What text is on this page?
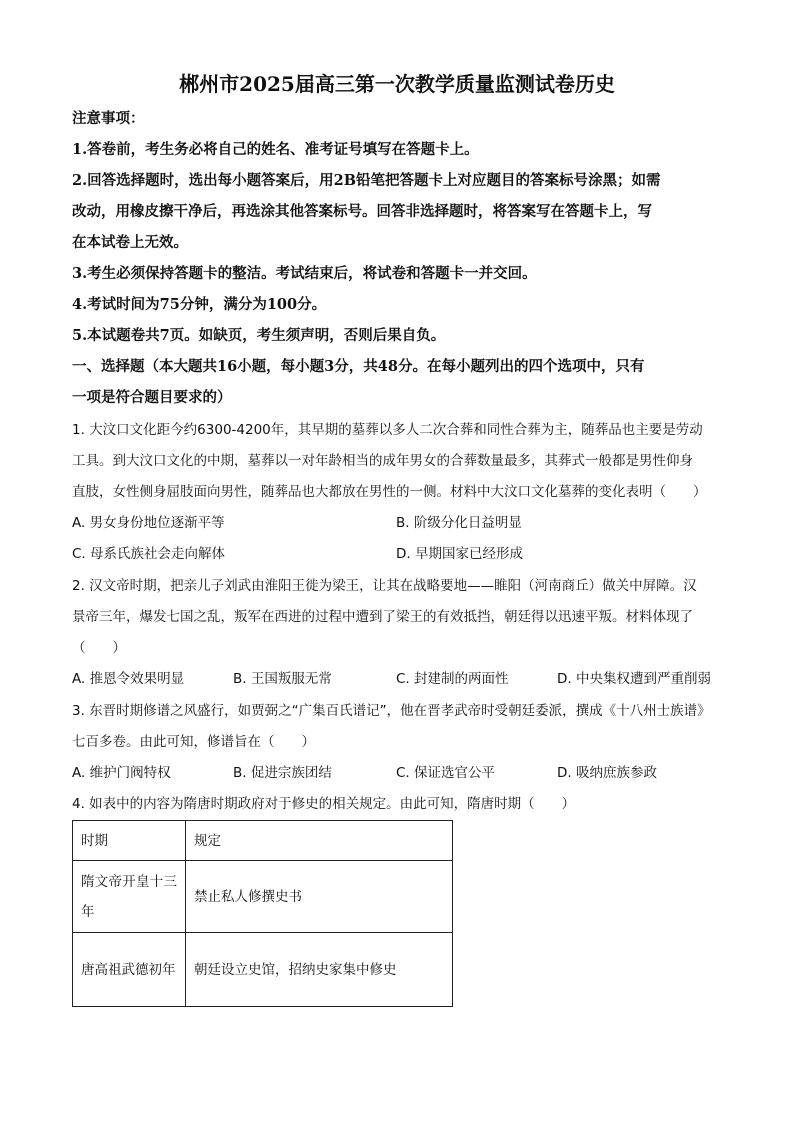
郴州市2025届高三第一次教学质量监测试卷历史
注意事项：
1.答卷前，考生务必将自己的姓名、准考证号填写在答题卡上。
2.回答选择题时，选出每小题答案后，用2B铅笔把答题卡上对应题目的答案标号涂黑；如需
改动，用橡皮擦干净后，再选涂其他答案标号。回答非选择题时，将答案写在答题卡上，写
在本试卷上无效。
3.考生必须保持答题卡的整洁。考试结束后，将试卷和答题卡一并交回。
4.考试时间为75分钟，满分为100分。
5.本试题卷共7页。如缺页，考生须声明，否则后果自负。
一、选择题（本大题共16小题，每小题3分，共48分。在每小题列出的四个选项中，只有
一项是符合题目要求的）
1. 大汶口文化距今约6300-4200年，其早期的墓葬以多人二次合葬和同性合葬为主，随葬品也主要是劳动
工具。到大汶口文化的中期，墓葬以一对年龄相当的成年男女的合葬数量最多，其葬式一般都是男性仰身
直肢，女性侧身屈肢面向男性，随葬品也大都放在男性的一侧。材料中大汶口文化墓葬的变化表明（　　）
A. 男女身份地位逐渐平等	B. 阶级分化日益明显
C. 母系氏族社会走向解体	D. 早期国家已经形成
2. 汉文帝时期，把亲儿子刘武由淮阳王徙为梁王，让其在战略要地——睢阳（河南商丘）做关中屏障。汉
景帝三年，爆发七国之乱，叛军在西进的过程中遭到了梁王的有效抵挡，朝廷得以迅速平叛。材料体现了
（　　）
A. 推恩令效果明显	B. 王国叛服无常	C. 封建制的两面性	D. 中央集权遭到严重削弱
3. 东晋时期修谱之风盛行，如贾弼之“广集百氏谱记”，他在晋孝武帝时受朝廷委派，撰成《十八州士族谱》
七百多卷。由此可知，修谱旨在（　　）
A. 维护门阀特权	B. 促进宗族团结	C. 保证选官公平	D. 吸纳庶族参政
4. 如表中的内容为隋唐时期政府对于修史的相关规定。由此可知，隋唐时期（　　）
时期	规定
隋文帝开皇十三年	禁止私人修撰史书
唐高祖武德初年	朝廷设立史馆，招纳史家集中修史
